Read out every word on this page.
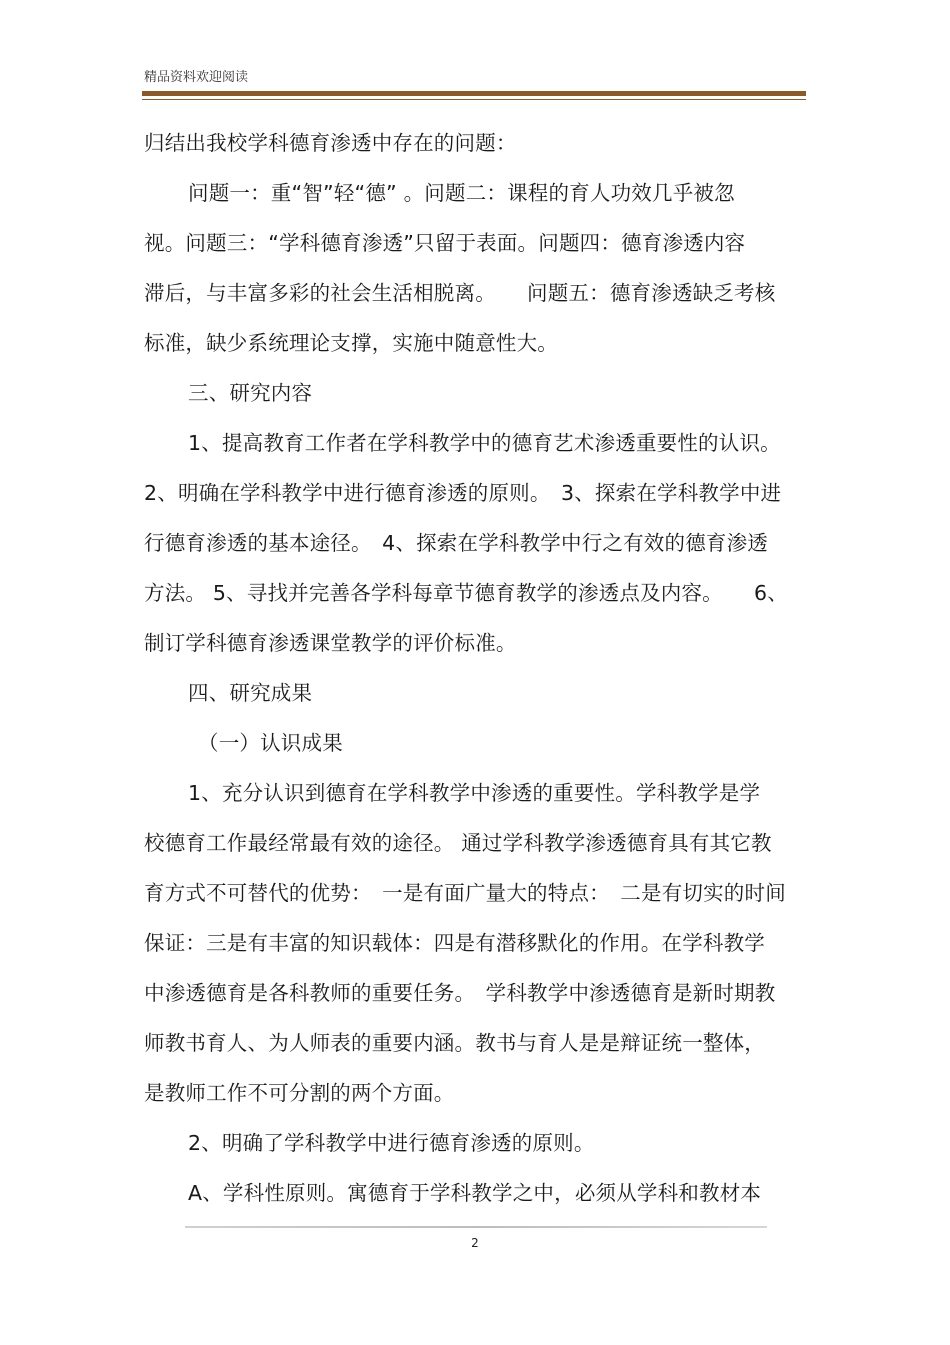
精品资料欢迎阅读
归结出我校学科德育渗透中存在的问题：
问题一：重“智”轻“德” 。问题二：课程的育人功效几乎被忽
视。问题三：“学科德育渗透”只留于表面。问题四：德育渗透内容
滞后，与丰富多彩的社会生活相脱离。　　问题五：德育渗透缺乏考核
标准，缺少系统理论支撑，实施中随意性大。
三、研究内容
1、提高教育工作者在学科教学中的德育艺术渗透重要性的认识。
2、明确在学科教学中进行德育渗透的原则。　3、探索在学科教学中进
行德育渗透的基本途径。　4、探索在学科教学中行之有效的德育渗透
方法。 5、寻找并完善各学科每章节德育教学的渗透点及内容。　　6、
制订学科德育渗透课堂教学的评价标准。
四、研究成果
（一）认识成果
1、充分认识到德育在学科教学中渗透的重要性。学科教学是学
校德育工作最经常最有效的途径。 通过学科教学渗透德育具有其它教
育方式不可替代的优势：　一是有面广量大的特点：　二是有切实的时间
保证：三是有丰富的知识载体：四是有潜移默化的作用。在学科教学
中渗透德育是各科教师的重要任务。　学科教学中渗透德育是新时期教
师教书育人、为人师表的重要内涵。教书与育人是是辩证统一整体，
是教师工作不可分割的两个方面。
2、明确了学科教学中进行德育渗透的原则。
A、学科性原则。寓德育于学科教学之中，必须从学科和教材本
2
